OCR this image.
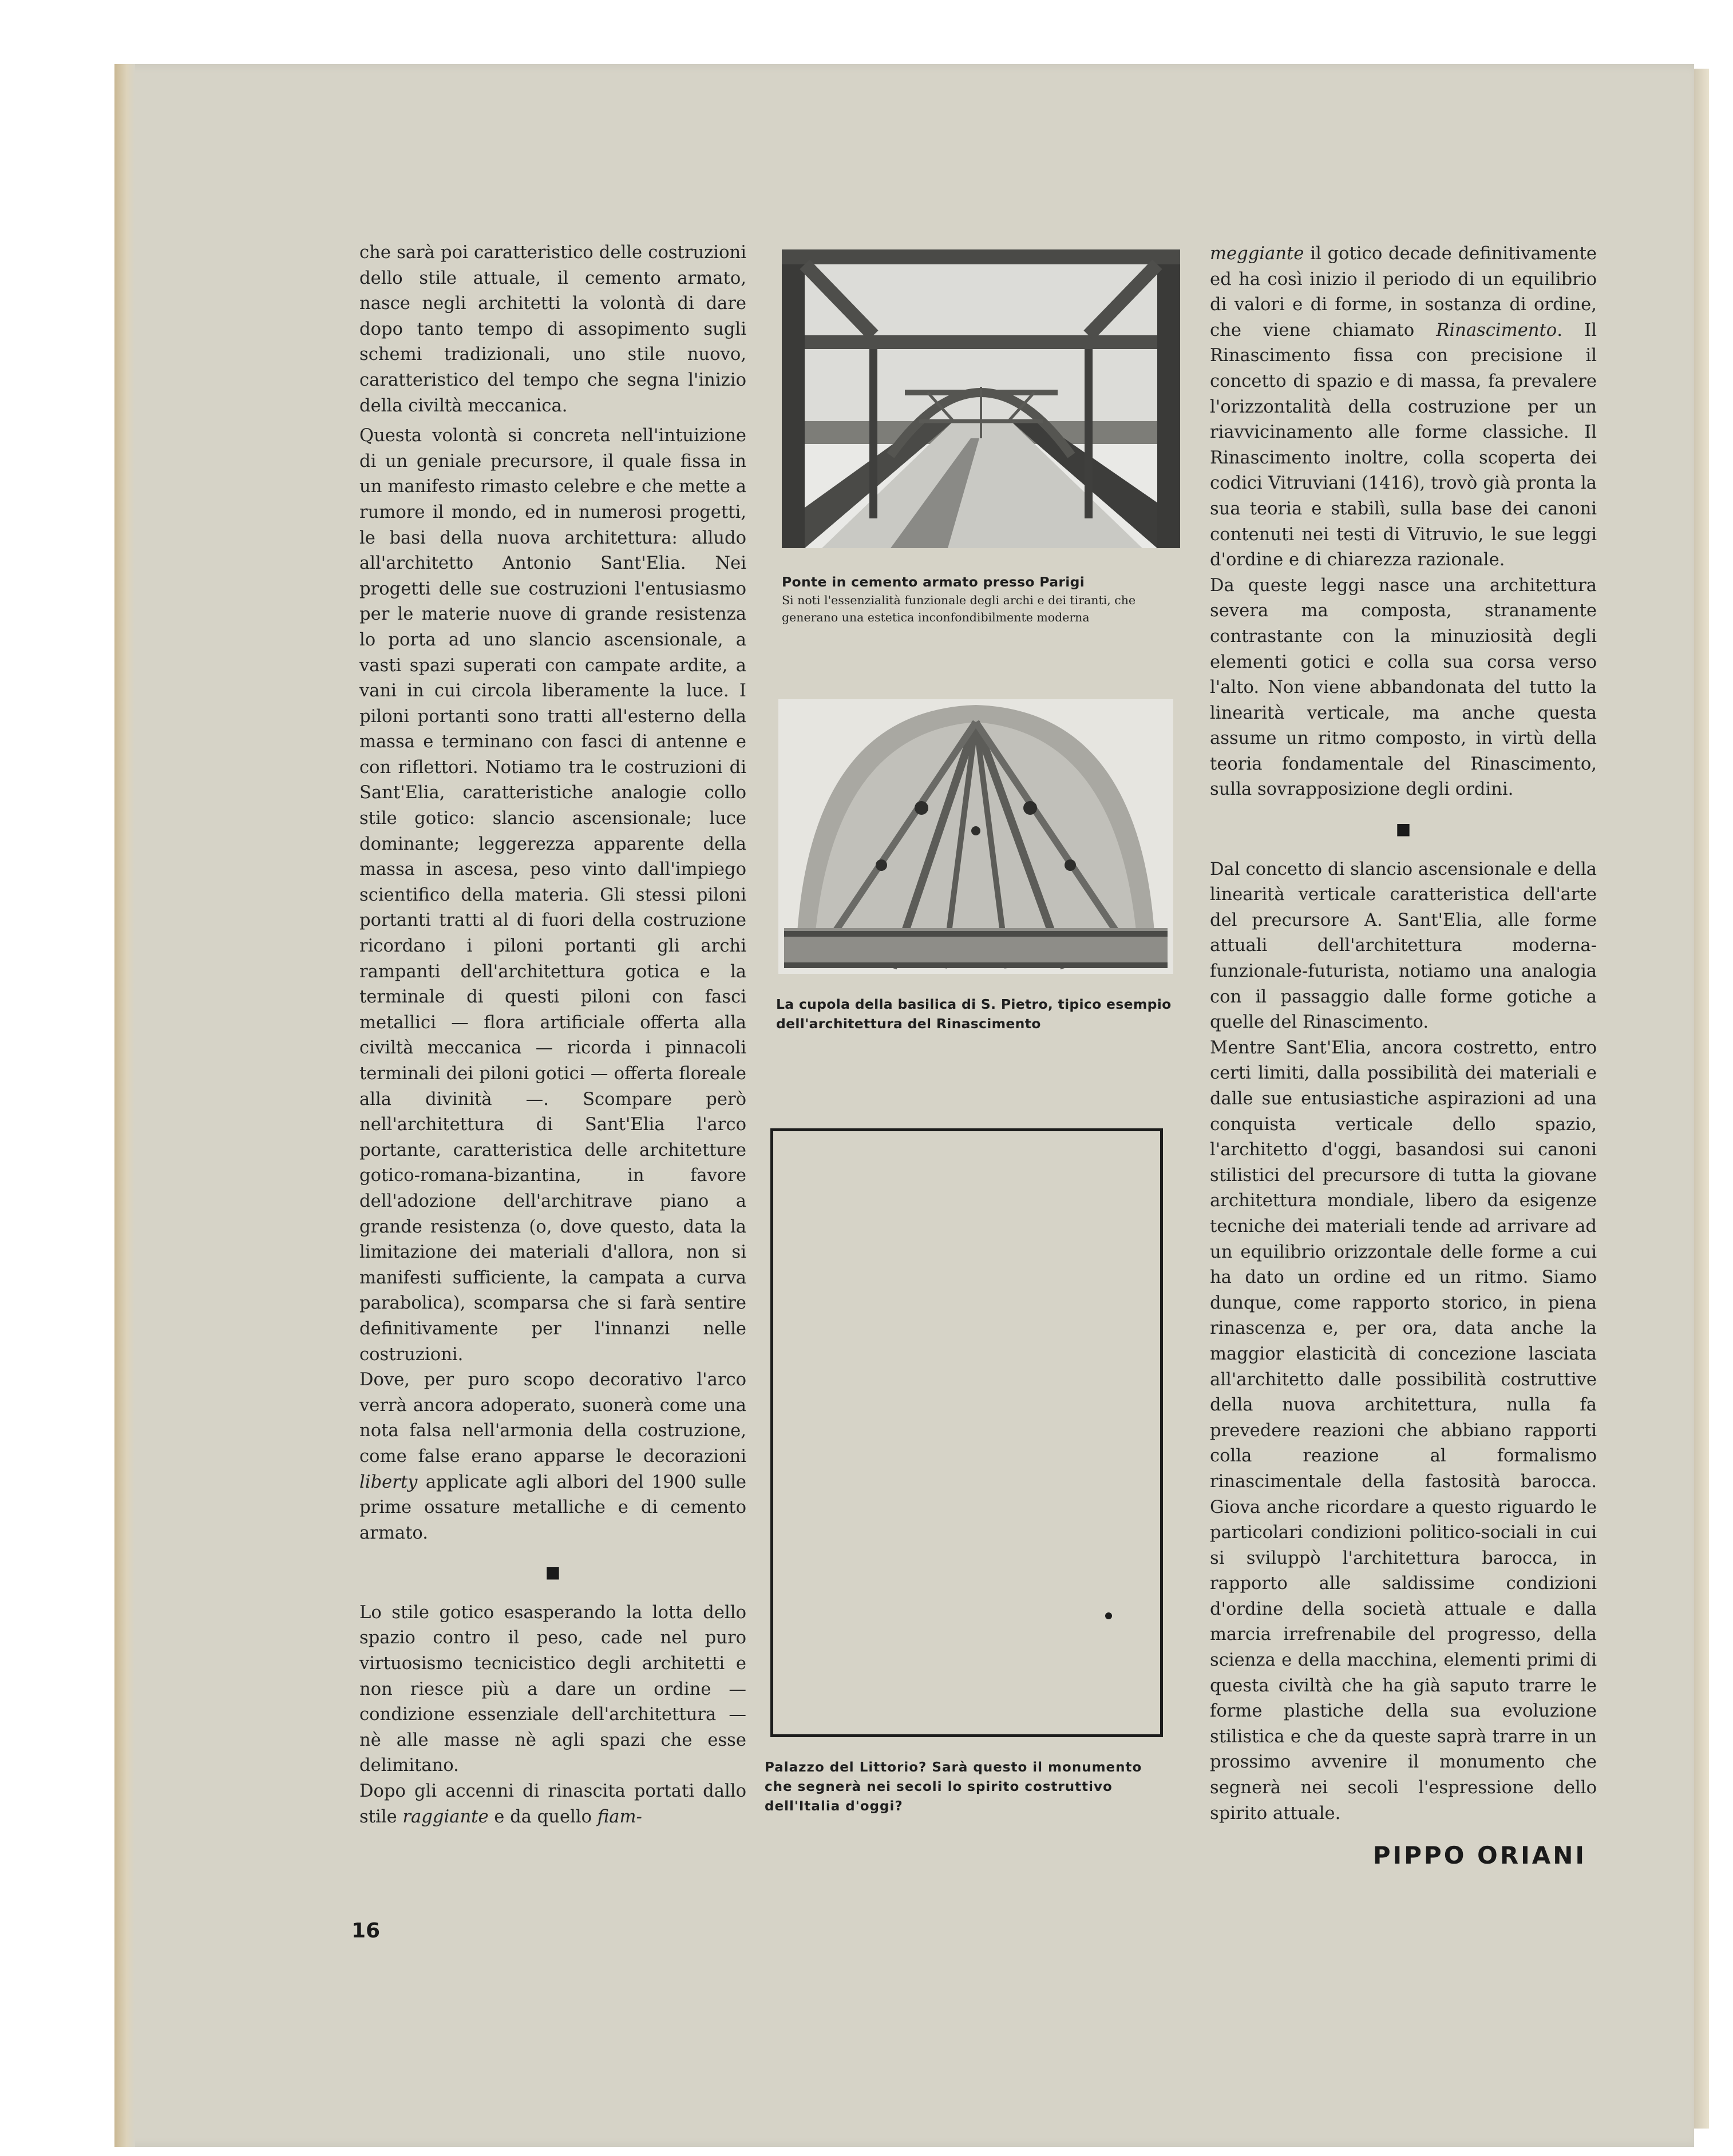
che sarà poi caratteristico delle costruzioni dello stile attuale, il cemento armato, nasce negli architetti la volontà di dare dopo tanto tempo di assopimento sugli schemi tradizionali, uno stile nuovo, caratteristico del tempo che segna l'inizio della civiltà meccanica.

Questa volontà si concreta nell'intuizione di un geniale precursore, il quale fissa in un manifesto rimasto celebre e che mette a rumore il mondo, ed in numerosi progetti, le basi della nuova architettura: alludo all'architetto Antonio Sant'Elia. Nei progetti delle sue costruzioni l'entusiasmo per le materie nuove di grande resistenza lo porta ad uno slancio ascensionale, a vasti spazi superati con campate ardite, a vani in cui circola liberamente la luce. I piloni portanti sono tratti all'esterno della massa e terminano con fasci di antenne e con riflettori. Notiamo tra le costruzioni di Sant'Elia, caratteristiche analogie collo stile gotico: slancio ascensionale; luce dominante; leggerezza apparente della massa in ascesa, peso vinto dall'impiego scientifico della materia. Gli stessi piloni portanti tratti al di fuori della costruzione ricordano i piloni portanti gli archi rampanti dell'architettura gotica e la terminale di questi piloni con fasci metallici — flora artificiale offerta alla civiltà meccanica — ricorda i pinnacoli terminali dei piloni gotici — offerta floreale alla divinità —. Scompare però nell'architettura di Sant'Elia l'arco portante, caratteristica delle architetture gotico-romana-bizantina, in favore dell'adozione dell'architrave piano a grande resistenza (o, dove questo, data la limitazione dei materiali d'allora, non si manifesti sufficiente, la campata a curva parabolica), scomparsa che si farà sentire definitivamente per l'innanzi nelle costruzioni.

Dove, per puro scopo decorativo l'arco verrà ancora adoperato, suonerà come una nota falsa nell'armonia della costruzione, come false erano apparse le decorazioni liberty applicate agli albori del 1900 sulle prime ossature metalliche e di cemento armato.

■

Lo stile gotico esasperando la lotta dello spazio contro il peso, cade nel puro virtuosismo tecnicistico degli architetti e non riesce più a dare un ordine — condizione essenziale dell'architettura — nè alle masse nè agli spazi che esse delimitano.

Dopo gli accenni di rinascita portati dallo stile raggiante e da quello fiam-

Ponte in cemento armato presso Parigi
Si noti l'essenzialità funzionale degli archi e dei tiranti, che generano una estetica inconfondibilmente moderna
La cupola della basilica di S. Pietro, tipico esempio dell'architettura del Rinascimento
Palazzo del Littorio? Sarà questo il monumento che segnerà nei secoli lo spirito costruttivo dell'Italia d'oggi?

meggiante il gotico decade definitivamente ed ha così inizio il periodo di un equilibrio di valori e di forme, in sostanza di ordine, che viene chiamato Rinascimento. Il Rinascimento fissa con precisione il concetto di spazio e di massa, fa prevalere l'orizzontalità della costruzione per un riavvicinamento alle forme classiche. Il Rinascimento inoltre, colla scoperta dei codici Vitruviani (1416), trovò già pronta la sua teoria e stabilì, sulla base dei canoni contenuti nei testi di Vitruvio, le sue leggi d'ordine e di chiarezza razionale.

Da queste leggi nasce una architettura severa ma composta, stranamente contrastante con la minuziosità degli elementi gotici e colla sua corsa verso l'alto. Non viene abbandonata del tutto la linearità verticale, ma anche questa assume un ritmo composto, in virtù della teoria fondamentale del Rinascimento, sulla sovrapposizione degli ordini.

■

Dal concetto di slancio ascensionale e della linearità verticale caratteristica dell'arte del precursore A. Sant'Elia, alle forme attuali dell'architettura moderna-funzionale-futurista, notiamo una analogia con il passaggio dalle forme gotiche a quelle del Rinascimento.

Mentre Sant'Elia, ancora costretto, entro certi limiti, dalla possibilità dei materiali e dalle sue entusiastiche aspirazioni ad una conquista verticale dello spazio, l'architetto d'oggi, basandosi sui canoni stilistici del precursore di tutta la giovane architettura mondiale, libero da esigenze tecniche dei materiali tende ad arrivare ad un equilibrio orizzontale delle forme a cui ha dato un ordine ed un ritmo. Siamo dunque, come rapporto storico, in piena rinascenza e, per ora, data anche la maggior elasticità di concezione lasciata all'architetto dalle possibilità costruttive della nuova architettura, nulla fa prevedere reazioni che abbiano rapporti colla reazione al formalismo rinascimentale della fastosità barocca. Giova anche ricordare a questo riguardo le particolari condizioni politico-sociali in cui si sviluppò l'architettura barocca, in rapporto alle saldissime condizioni d'ordine della società attuale e dalla marcia irrefrenabile del progresso, della scienza e della macchina, elementi primi di questa civiltà che ha già saputo trarre le forme plastiche della sua evoluzione stilistica e che da queste saprà trarre in un prossimo avvenire il monumento che segnerà nei secoli l'espressione dello spirito attuale.

PIPPO ORIANI
16
